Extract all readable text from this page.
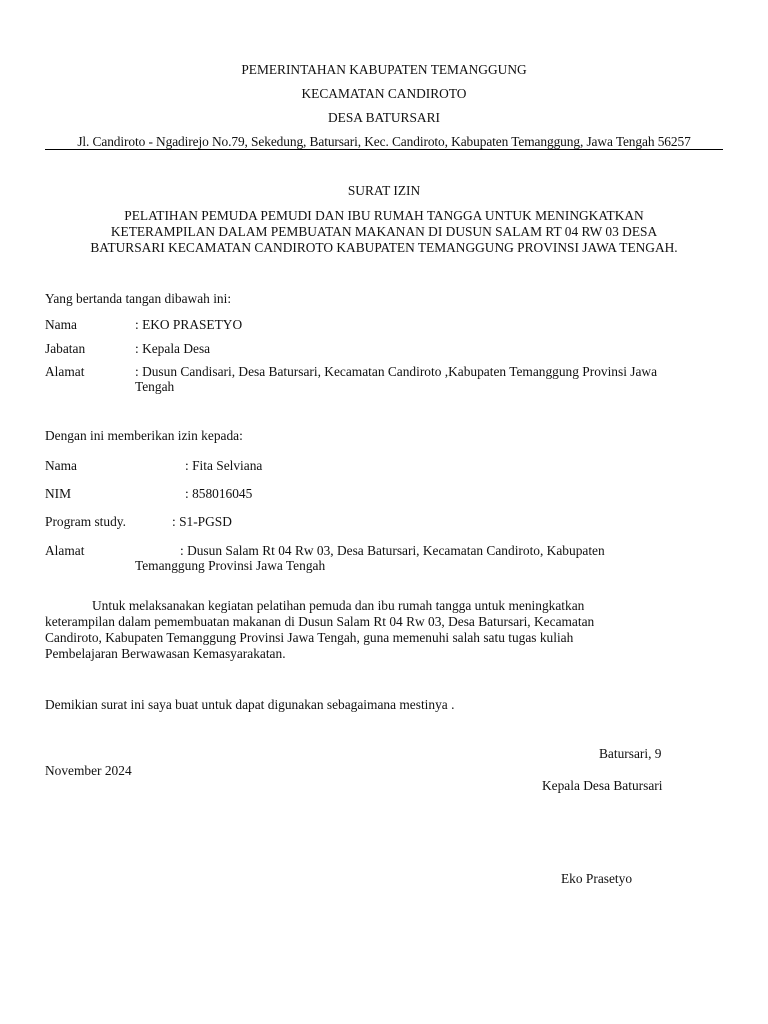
PEMERINTAHAN KABUPATEN TEMANGGUNG
KECAMATAN CANDIROTO
DESA BATURSARI
Jl. Candiroto - Ngadirejo No.79, Sekedung, Batursari, Kec. Candiroto, Kabupaten Temanggung, Jawa Tengah 56257
SURAT IZIN
PELATIHAN PEMUDA PEMUDI DAN IBU RUMAH TANGGA UNTUK MENINGKATKAN
KETERAMPILAN DALAM PEMBUATAN MAKANAN DI DUSUN SALAM RT 04 RW 03 DESA
BATURSARI KECAMATAN CANDIROTO KABUPATEN TEMANGGUNG PROVINSI JAWA TENGAH.
Yang bertanda tangan dibawah ini:
Nama	: EKO PRASETYO
Jabatan	: Kepala Desa
Alamat	: Dusun Candisari, Desa Batursari, Kecamatan Candiroto ,Kabupaten Temanggung Provinsi Jawa
Tengah
Dengan ini memberikan izin kepada:
Nama	: Fita Selviana
NIM	: 858016045
Program study.	: S1-PGSD
Alamat	: Dusun Salam Rt 04 Rw 03, Desa Batursari, Kecamatan Candiroto, Kabupaten
Temanggung Provinsi Jawa Tengah
Untuk melaksanakan kegiatan pelatihan pemuda dan ibu rumah tangga untuk meningkatkan
keterampilan dalam pemembuatan makanan di Dusun Salam Rt 04 Rw 03, Desa Batursari, Kecamatan
Candiroto, Kabupaten Temanggung Provinsi Jawa Tengah, guna memenuhi salah satu tugas kuliah
Pembelajaran Berwawasan Kemasyarakatan.
Demikian surat ini saya buat untuk dapat digunakan sebagaimana mestinya .
Batursari, 9
November 2024
Kepala Desa Batursari
Eko Prasetyo
